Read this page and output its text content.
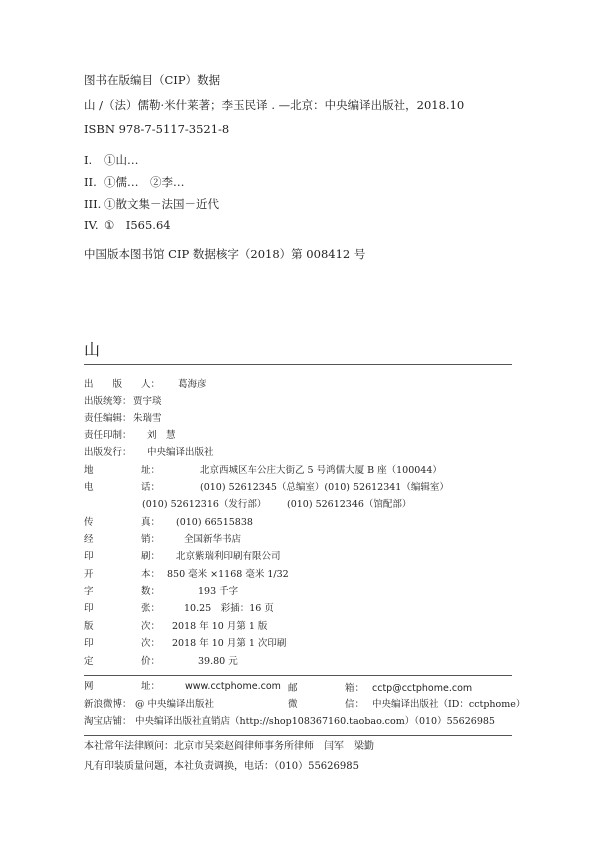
图书在版编目（CIP）数据
山 /（法）儒勒·米什莱著；李玉民译 . —北京：中央编译出版社，2018.10
ISBN 978-7-5117-3521-8
I. ①山…
II. ①儒…　②李…
III. ①散文集－法国－近代
IV. ①　I565.64
中国版本图书馆 CIP 数据核字（2018）第 008412 号
山
出　　版　　人： 葛海彦
出版统筹： 贾宇琰
责任编辑： 朱瑞雪
责任印制： 刘　慧
出版发行： 中央编译出版社
地　　　　　址：	北京西城区车公庄大街乙 5 号鸿儒大厦 B 座（100044）
电　　　　　话：	(010) 52612345（总编室）(010) 52612341（编辑室）
(010) 52612316（发行部） (010) 52612346（馆配部）
传　　　　　真： (010) 66515838
经　　　　　销：	全国新华书店
印　　　　　刷： 北京紫瑞利印刷有限公司
开　　　　　本： 850 毫米 ×1168 毫米 1/32
字　　　　　数：	193 千字
印　　　　　张：	10.25　彩插：16 页
版　　　　　次： 2018 年 10 月第 1 版
印　　　　　次： 2018 年 10 月第 1 次印刷
定　　　　　价：	39.80 元
网　　　　　址：	www.cctphome.com 邮　　　　　箱： cctp@cctphome.com
新浪微博： @ 中央编译出版社	微　　　　　信： 中央编译出版社（ID：cctphome）
淘宝店铺： 中央编译出版社直销店（http://shop108367160.taobao.com）（010）55626985
本社常年法律顾问：北京市吴栾赵阎律师事务所律师　闫军　梁勤
凡有印装质量问题，本社负责调换，电话：（010）55626985
